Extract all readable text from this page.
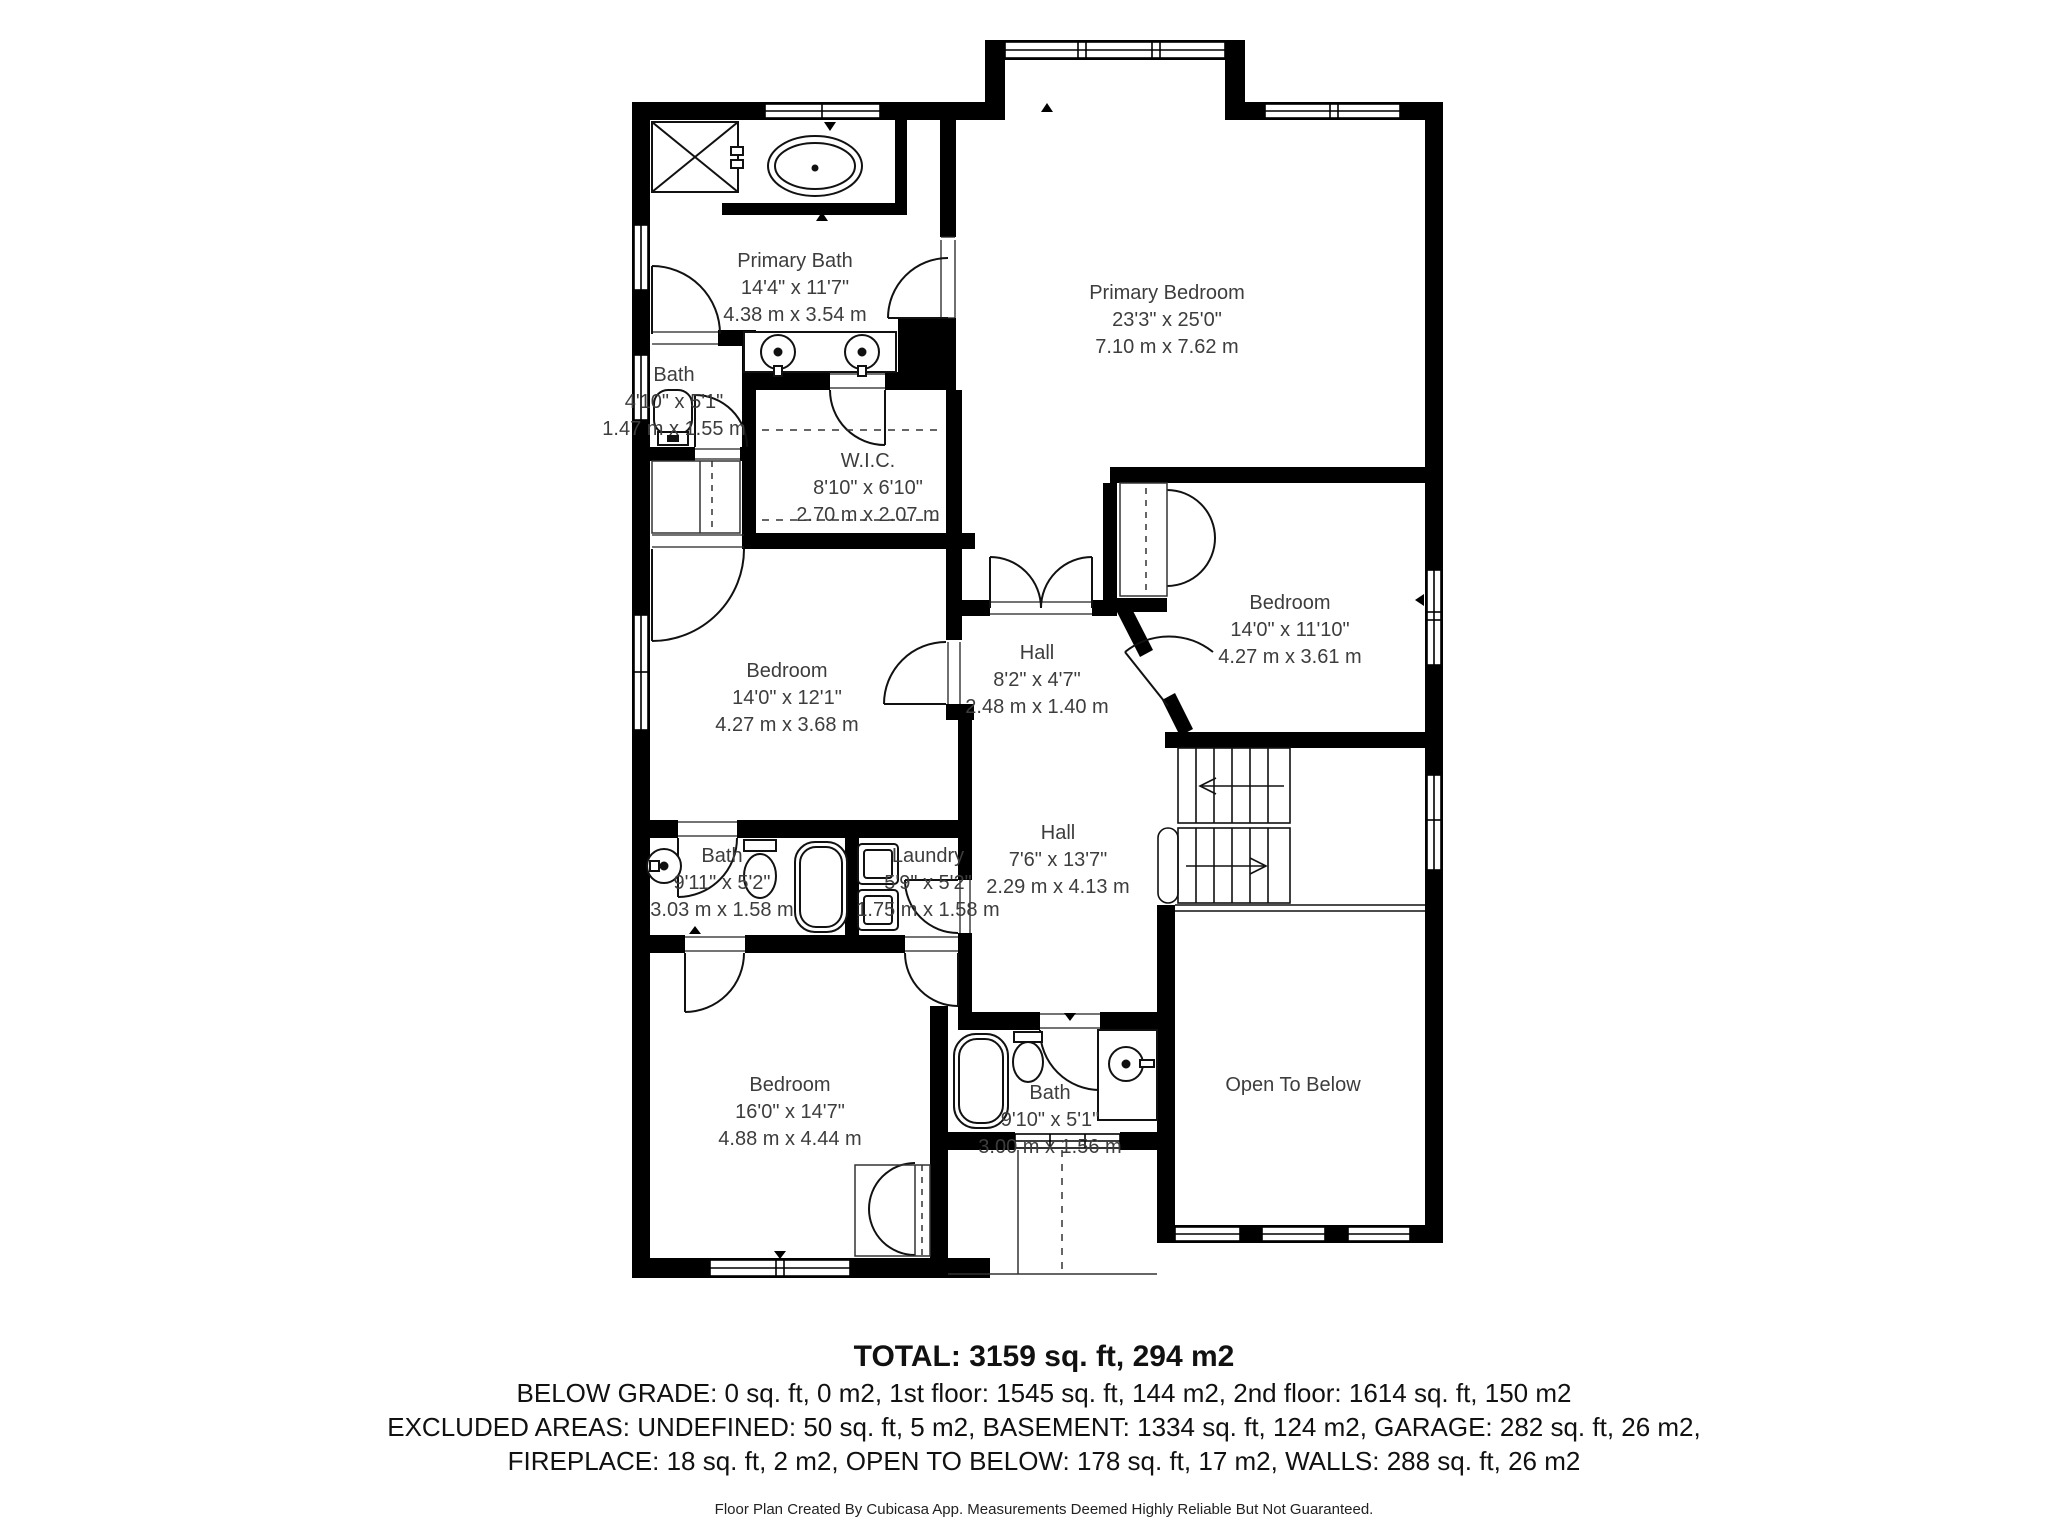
Primary Bath
14'4" x 11'7"
4.38 m x 3.54 m
Primary Bedroom
23'3" x 25'0"
7.10 m x 7.62 m
Bath
4'10" x 5'1"
1.47 m x 1.55 m
W.I.C.
8'10" x 6'10"
2.70 m x 2.07 m
Bedroom
14'0" x 11'10"
4.27 m x 3.61 m
Hall
8'2" x 4'7"
2.48 m x 1.40 m
Bedroom
14'0" x 12'1"
4.27 m x 3.68 m
Bath
9'11" x 5'2"
3.03 m x 1.58 m
Laundry
5'9" x 5'2"
1.75 m x 1.58 m
Hall
7'6" x 13'7"
2.29 m x 4.13 m
Bedroom
16'0" x 14'7"
4.88 m x 4.44 m
Bath
9'10" x 5'1"
3.00 m x 1.56 m
Open To Below
TOTAL: 3159 sq. ft, 294 m2
BELOW GRADE: 0 sq. ft, 0 m2, 1st floor: 1545 sq. ft, 144 m2, 2nd floor: 1614 sq. ft, 150 m2
EXCLUDED AREAS: UNDEFINED: 50 sq. ft, 5 m2, BASEMENT: 1334 sq. ft, 124 m2, GARAGE: 282 sq. ft, 26 m2,
FIREPLACE: 18 sq. ft, 2 m2, OPEN TO BELOW: 178 sq. ft, 17 m2, WALLS: 288 sq. ft, 26 m2
Floor Plan Created By Cubicasa App. Measurements Deemed Highly Reliable But Not Guaranteed.
